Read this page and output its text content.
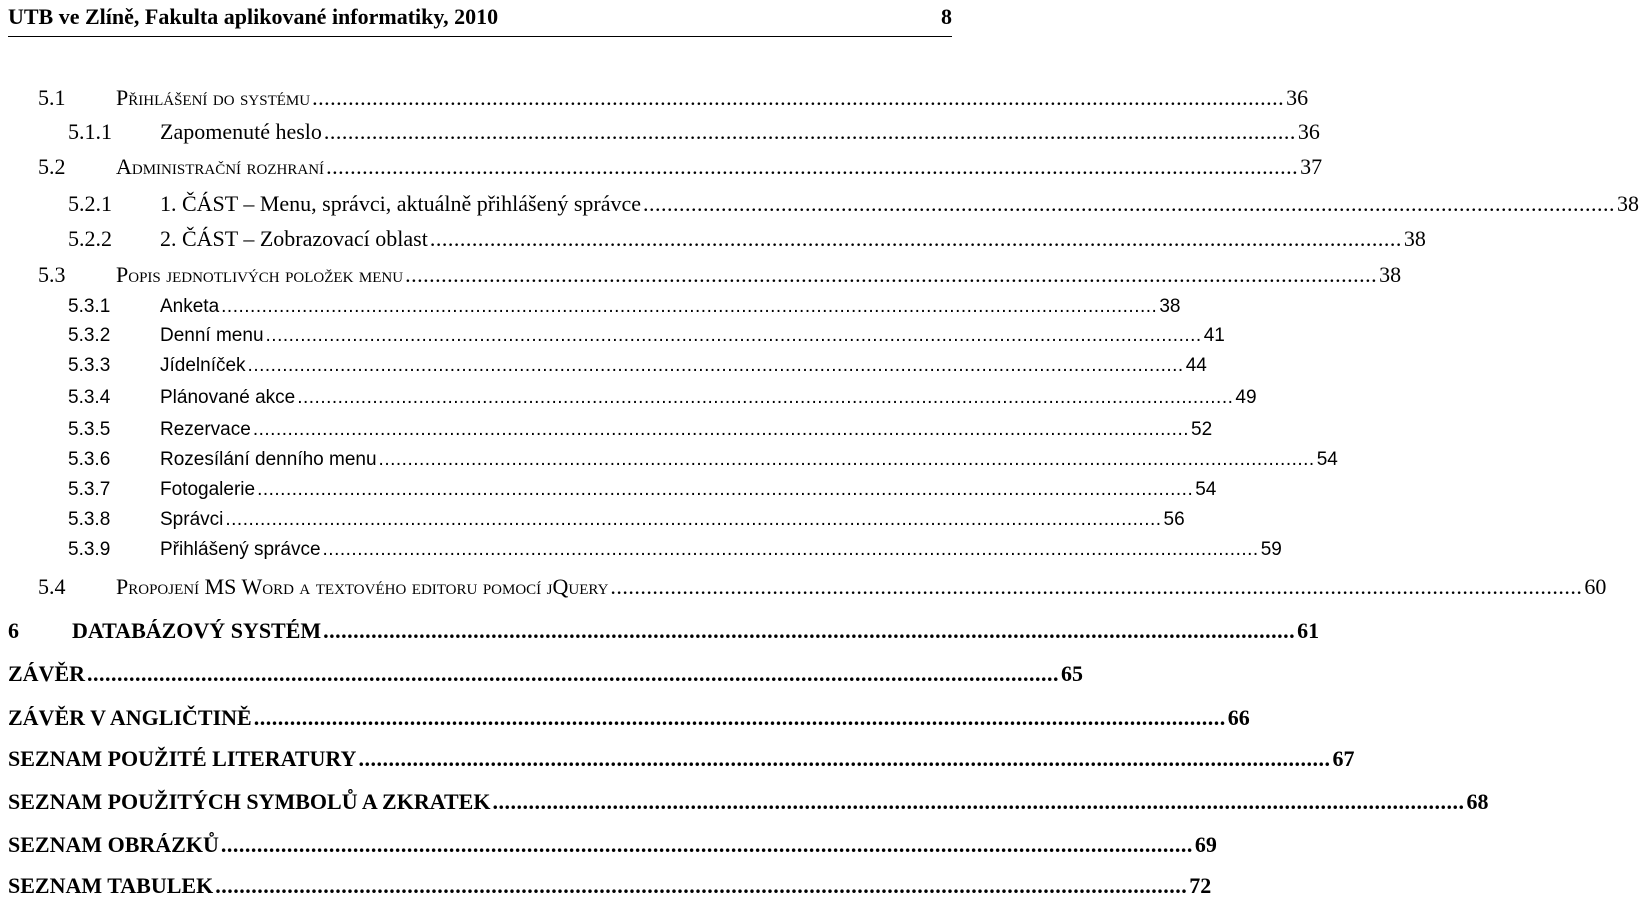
UTB ve Zlíně, Fakulta aplikované informatiky, 2010	8
5.1	Přihlášení do systému .................................................................................................................................................................. 36
5.1.1	Zapomenuté heslo .................................................................................................................................................................. 36
5.2	Administrační rozhraní .................................................................................................................................................................. 37
5.2.1	1. ČÁST – Menu, správci, aktuálně přihlášený správce .................................................................................................................................................................. 38
5.2.2	2. ČÁST – Zobrazovací oblast .................................................................................................................................................................. 38
5.3	Popis jednotlivých položek menu .................................................................................................................................................................. 38
5.3.1	Anketa .................................................................................................................................................................. 38
5.3.2	Denní menu .................................................................................................................................................................. 41
5.3.3	Jídelníček .................................................................................................................................................................. 44
5.3.4	Plánované akce .................................................................................................................................................................. 49
5.3.5	Rezervace .................................................................................................................................................................. 52
5.3.6	Rozesílání denního menu .................................................................................................................................................................. 54
5.3.7	Fotogalerie .................................................................................................................................................................. 54
5.3.8	Správci .................................................................................................................................................................. 56
5.3.9	Přihlášený správce .................................................................................................................................................................. 59
5.4	Propojení MS Word a textového editoru pomocí jQuery .................................................................................................................................................................. 60
6	DATABÁZOVÝ SYSTÉM .................................................................................................................................................................. 61
ZÁVĚR .................................................................................................................................................................. 65
ZÁVĚR V ANGLIČTINĚ .................................................................................................................................................................. 66
SEZNAM POUŽITÉ LITERATURY .................................................................................................................................................................. 67
SEZNAM POUŽITÝCH SYMBOLŮ A ZKRATEK .................................................................................................................................................................. 68
SEZNAM OBRÁZKŮ .................................................................................................................................................................. 69
SEZNAM TABULEK .................................................................................................................................................................. 72
